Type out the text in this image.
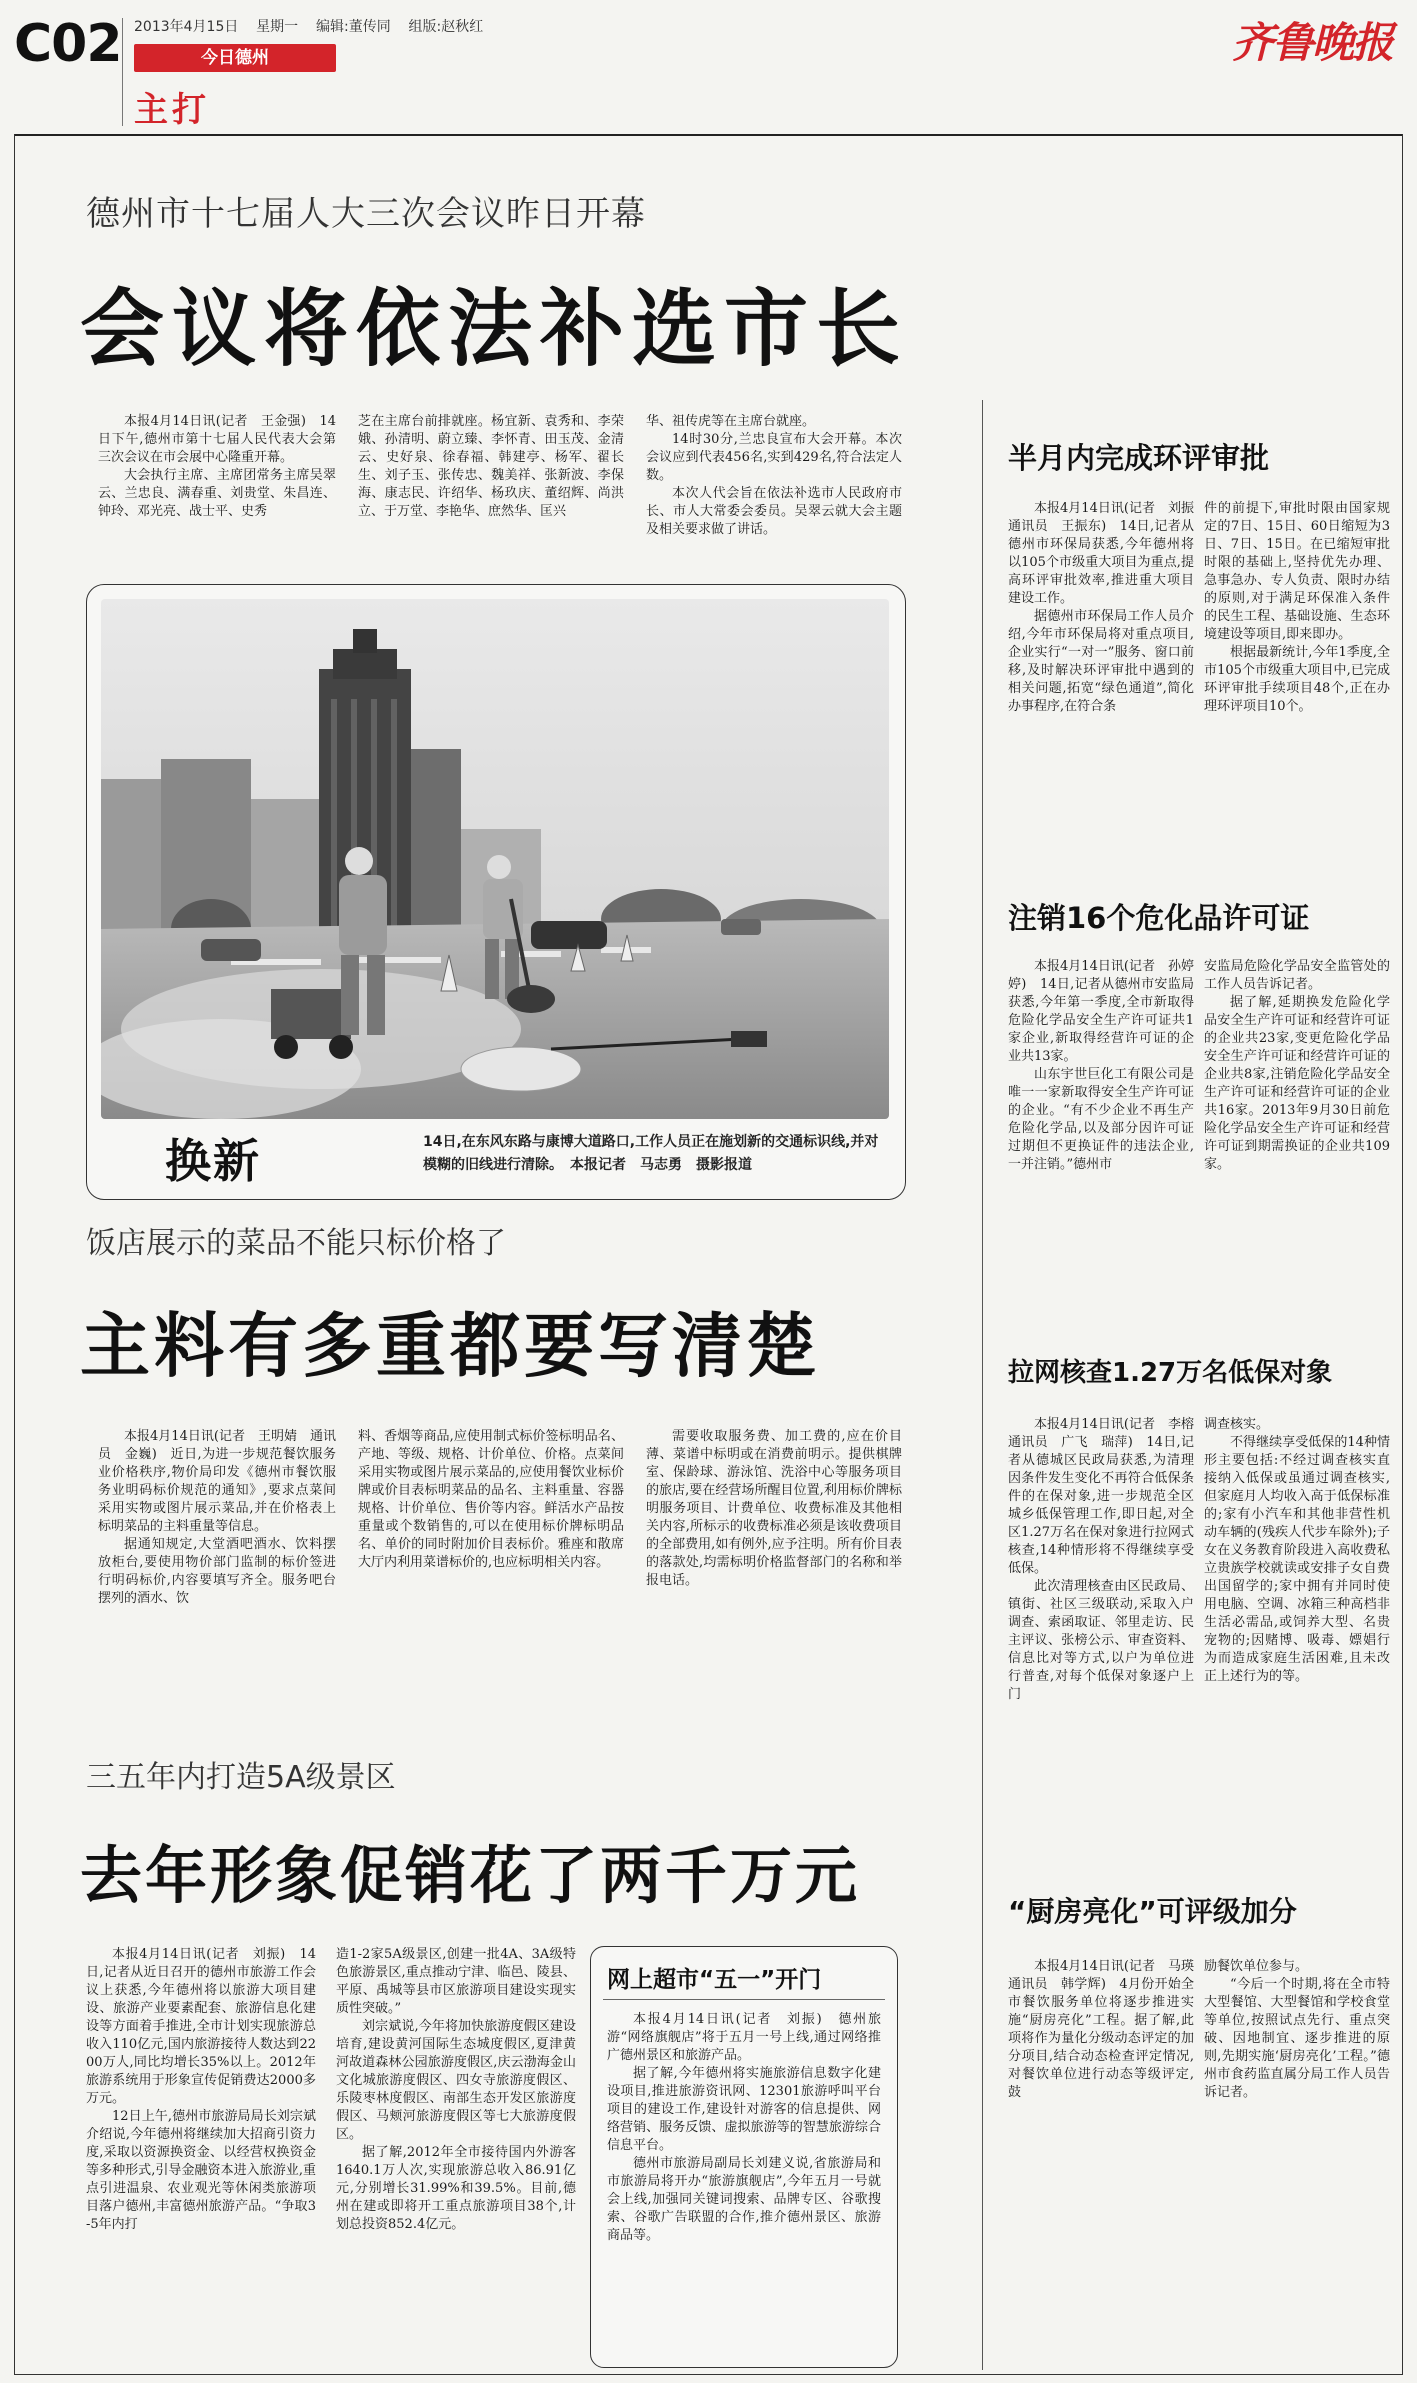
C02 2013年4月15日 星期一 编辑:董传同 组版:赵秋红
今日德州
主打
齐鲁晚报
德州市十七届人大三次会议昨日开幕
会议将依法补选市长

本报4月14日讯(记者　王金强)　14日下午,德州市第十七届人民代表大会第三次会议在市会展中心隆重开幕。

大会执行主席、主席团常务主席吴翠云、兰忠良、满春重、刘贵堂、朱昌连、钟玲、邓光亮、战士平、史秀

芝在主席台前排就座。杨宜新、袁秀和、李荣娥、孙清明、蔚立臻、李怀青、田玉茂、金清云、史好泉、徐春福、韩建亭、杨军、翟长生、刘子玉、张传忠、魏美祥、张新波、李保海、康志民、许绍华、杨玖庆、董绍辉、尚洪立、于万堂、李艳华、庶然华、匡兴

华、祖传虎等在主席台就座。

14时30分,兰忠良宣布大会开幕。本次会议应到代表456名,实到429名,符合法定人数。

本次人代会旨在依法补选市人民政府市长、市人大常委会委员。吴翠云就大会主题及相关要求做了讲话。

换新	14日,在东风东路与康博大道路口,工作人员正在施划新的交通标识线,并对模糊的旧线进行清除。　本报记者　马志勇　摄影报道
饭店展示的菜品不能只标价格了
主料有多重都要写清楚

本报4月14日讯(记者　王明婧　通讯员　金巍)　近日,为进一步规范餐饮服务业价格秩序,物价局印发《德州市餐饮服务业明码标价规范的通知》,要求点菜间采用实物或图片展示菜品,并在价格表上标明菜品的主料重量等信息。

据通知规定,大堂酒吧酒水、饮料摆放柜台,要使用物价部门监制的标价签进行明码标价,内容要填写齐全。服务吧台摆列的酒水、饮

料、香烟等商品,应使用制式标价签标明品名、产地、等级、规格、计价单位、价格。点菜间采用实物或图片展示菜品的,应使用餐饮业标价牌或价目表标明菜品的品名、主料重量、容器规格、计价单位、售价等内容。鲜活水产品按重量或个数销售的,可以在使用标价牌标明品名、单价的同时附加价目表标价。雅座和散席大厅内利用菜谱标价的,也应标明相关内容。

需要收取服务费、加工费的,应在价目薄、菜谱中标明或在消费前明示。提供棋牌室、保龄球、游泳馆、洗浴中心等服务项目的旅店,要在经营场所醒目位置,利用标价牌标明服务项目、计费单位、收费标准及其他相关内容,所标示的收费标准必须是该收费项目的全部费用,如有例外,应予注明。所有价目表的落款处,均需标明价格监督部门的名称和举报电话。

三五年内打造5A级景区
去年形象促销花了两千万元

本报4月14日讯(记者　刘振)　14日,记者从近日召开的德州市旅游工作会议上获悉,今年德州将以旅游大项目建设、旅游产业要素配套、旅游信息化建设等方面着手推进,全市计划实现旅游总收入110亿元,国内旅游接待人数达到2200万人,同比均增长35%以上。2012年旅游系统用于形象宣传促销费达2000多万元。

12日上午,德州市旅游局局长刘宗斌介绍说,今年德州将继续加大招商引资力度,采取以资源换资金、以经营权换资金等多种形式,引导金融资本进入旅游业,重点引进温泉、农业观光等休闲类旅游项目落户德州,丰富德州旅游产品。“争取3-5年内打

造1-2家5A级景区,创建一批4A、3A级特色旅游景区,重点推动宁津、临邑、陵县、平原、禹城等县市区旅游项目建设实现实质性突破。”

刘宗斌说,今年将加快旅游度假区建设培育,建设黄河国际生态城度假区,夏津黄河故道森林公园旅游度假区,庆云渤海金山文化城旅游度假区、四女寺旅游度假区、乐陵枣林度假区、南部生态开发区旅游度假区、马颊河旅游度假区等七大旅游度假区。

据了解,2012年全市接待国内外游客1640.1万人次,实现旅游总收入86.91亿元,分别增长31.99%和39.5%。目前,德州在建或即将开工重点旅游项目38个,计划总投资852.4亿元。

网上超市“五一”开门

本报4月14日讯(记者　刘振)　德州旅游“网络旗舰店”将于五月一号上线,通过网络推广德州景区和旅游产品。

据了解,今年德州将实施旅游信息数字化建设项目,推进旅游资讯网、12301旅游呼叫平台项目的建设工作,建设针对游客的信息提供、网络营销、服务反馈、虚拟旅游等的智慧旅游综合信息平台。

德州市旅游局副局长刘建义说,省旅游局和市旅游局将开办“旅游旗舰店”,今年五月一号就会上线,加强同关键词搜索、品牌专区、谷歌搜索、谷歌广告联盟的合作,推介德州景区、旅游商品等。

半月内完成环评审批

本报4月14日讯(记者　刘振　通讯员　王振东)　14日,记者从德州市环保局获悉,今年德州将以105个市级重大项目为重点,提高环评审批效率,推进重大项目建设工作。

据德州市环保局工作人员介绍,今年市环保局将对重点项目,企业实行“一对一”服务、窗口前移,及时解决环评审批中遇到的相关问题,拓宽“绿色通道”,简化办事程序,在符合条

件的前提下,审批时限由国家规定的7日、15日、60日缩短为3日、7日、15日。在已缩短审批时限的基础上,坚持优先办理、急事急办、专人负责、限时办结的原则,对于满足环保准入条件的民生工程、基础设施、生态环境建设等项目,即来即办。

根据最新统计,今年1季度,全市105个市级重大项目中,已完成环评审批手续项目48个,正在办理环评项目10个。

注销16个危化品许可证

本报4月14日讯(记者　孙婷婷)　14日,记者从德州市安监局获悉,今年第一季度,全市新取得危险化学品安全生产许可证共1家企业,新取得经营许可证的企业共13家。

山东宇世巨化工有限公司是唯一一家新取得安全生产许可证的企业。“有不少企业不再生产危险化学品,以及部分因许可证过期但不更换证件的违法企业,一并注销。”德州市

安监局危险化学品安全监管处的工作人员告诉记者。

据了解,延期换发危险化学品安全生产许可证和经营许可证的企业共23家,变更危险化学品安全生产许可证和经营许可证的企业共8家,注销危险化学品安全生产许可证和经营许可证的企业共16家。2013年9月30日前危险化学品安全生产许可证和经营许可证到期需换证的企业共109家。

拉网核查1.27万名低保对象

本报4月14日讯(记者　李榕　通讯员　广飞　瑞萍)　14日,记者从德城区民政局获悉,为清理因条件发生变化不再符合低保条件的在保对象,进一步规范全区城乡低保管理工作,即日起,对全区1.27万名在保对象进行拉网式核查,14种情形将不得继续享受低保。

此次清理核查由区民政局、镇街、社区三级联动,采取入户调查、索函取证、邻里走访、民主评议、张榜公示、审查资料、信息比对等方式,以户为单位进行普查,对每个低保对象逐户上门

调查核实。

不得继续享受低保的14种情形主要包括:不经过调查核实直接纳入低保或虽通过调查核实,但家庭月人均收入高于低保标准的;家有小汽车和其他非营性机动车辆的(残疾人代步车除外);子女在义务教育阶段进入高收费私立贵族学校就读或安排子女自费出国留学的;家中拥有并同时使用电脑、空调、冰箱三种高档非生活必需品,或饲养大型、名贵宠物的;因赌博、吸毒、嫖娼行为而造成家庭生活困难,且未改正上述行为的等。

“厨房亮化”可评级加分

本报4月14日讯(记者　马瑛　通讯员　韩学辉)　4月份开始全市餐饮服务单位将逐步推进实施“厨房亮化”工程。据了解,此项将作为量化分级动态评定的加分项目,结合动态检查评定情况,对餐饮单位进行动态等级评定,鼓

励餐饮单位参与。

“今后一个时期,将在全市特大型餐馆、大型餐馆和学校食堂等单位,按照试点先行、重点突破、因地制宜、逐步推进的原则,先期实施‘厨房亮化’工程。”德州市食药监直属分局工作人员告诉记者。
